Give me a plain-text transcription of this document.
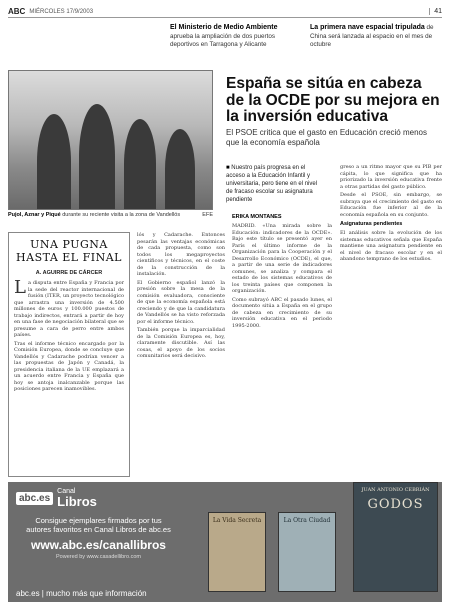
ABC MIÉRCOLES 17/9/2003	41
El Ministerio de Medio Ambiente aprueba la ampliación de dos puertos deportivos en Tarragona y Alicante
La primera nave espacial tripulada de China será lanzada al espacio en el mes de octubre
Pujol, Aznar y Piqué durante su reciente visita a la zona de Vandellós	EFE
España se sitúa en cabeza de la OCDE por su mejora en la inversión educativa

El PSOE critica que el gasto en Educación creció menos que la economía española

■ Nuestro país progresa en el acceso a la Educación Infantil y universitaria, pero tiene en el nivel de fracaso escolar su asignatura pendiente

UNA PUGNA
HASTA EL FINAL
A. AGUIRRE DE CÁRCER

La disputa entre España y Francia por la sede del reactor internacional de fusión (ITER, un proyecto tecnológico que arrastra una inversión de 4.500 millones de euros y 100.000 puestos de trabajo indirectos, entrará a partir de hoy en una fase de negociación bilateral que se presume a cara de perro entre ambos países.

Tras el informe técnico encargado por la Comisión Europea, donde se concluye que Vandellós y Cadarache podrían vencer a las propuestas de Japón y Canadá, la presidencia italiana de la UE emplazará a un acuerdo entre Francia y España que hoy se antoja inalcanzable porque las posiciones parecen inamovibles.

lós y Cadarache. Entonces pesarán las ventajas económicas de cada propuesta, como son todos los megaproyectos científicos y técnicos, en el coste de la construcción de la instalación.

El Gobierno español lanzó la presión sobre la mesa de la comisión evaluadora, consciente de que la economía española está creciendo y de que la candidatura de Vandellós se ha visto reforzada por el informe técnico.

También porque la imparcialidad de la Comisión Europea es, hoy, claramente discutible. Así las cosas, el apoyo de los socios comunitarios será decisivo.

ERIKA MONTAÑÉS

MADRID. «Una mirada sobre la Educación: indicadores de la OCDE». Bajo este título se presentó ayer en París el último informe de la Organización para la Cooperación y el Desarrollo Económico (OCDE), el que, a partir de una serie de indicadores comunes, se analiza y compara el estado de los sistemas educativos de los treinta países que componen la organización.

Como subrayó ABC el pasado lunes, el documento sitúa a España en el grupo de cabeza en crecimiento de su inversión educativa en el periodo 1995-2000.

greso a un ritmo mayor que su PIB per cápita, lo que significa que ha priorizado la inversión educativa frente a otras partidas del gasto público.

Desde el PSOE, sin embargo, se subraya que el crecimiento del gasto en Educación fue inferior al de la economía española en su conjunto.

Asignaturas pendientes

El análisis sobre la evolución de los sistemas educativos señala que España mantiene una asignatura pendiente en el nivel de fracaso escolar y en el abandono temprano de los estudios.

abc.es
Canal
Libros
Consigue ejemplares firmados por tus
autores favoritos en Canal Libros de abc.es
www.abc.es/canallibros
Powered by www.casadellibro.com
abc.es | mucho más que información
La Vida Secreta	La Otra Ciudad
JUAN ANTONIO CEBRIÁN
GODOS
